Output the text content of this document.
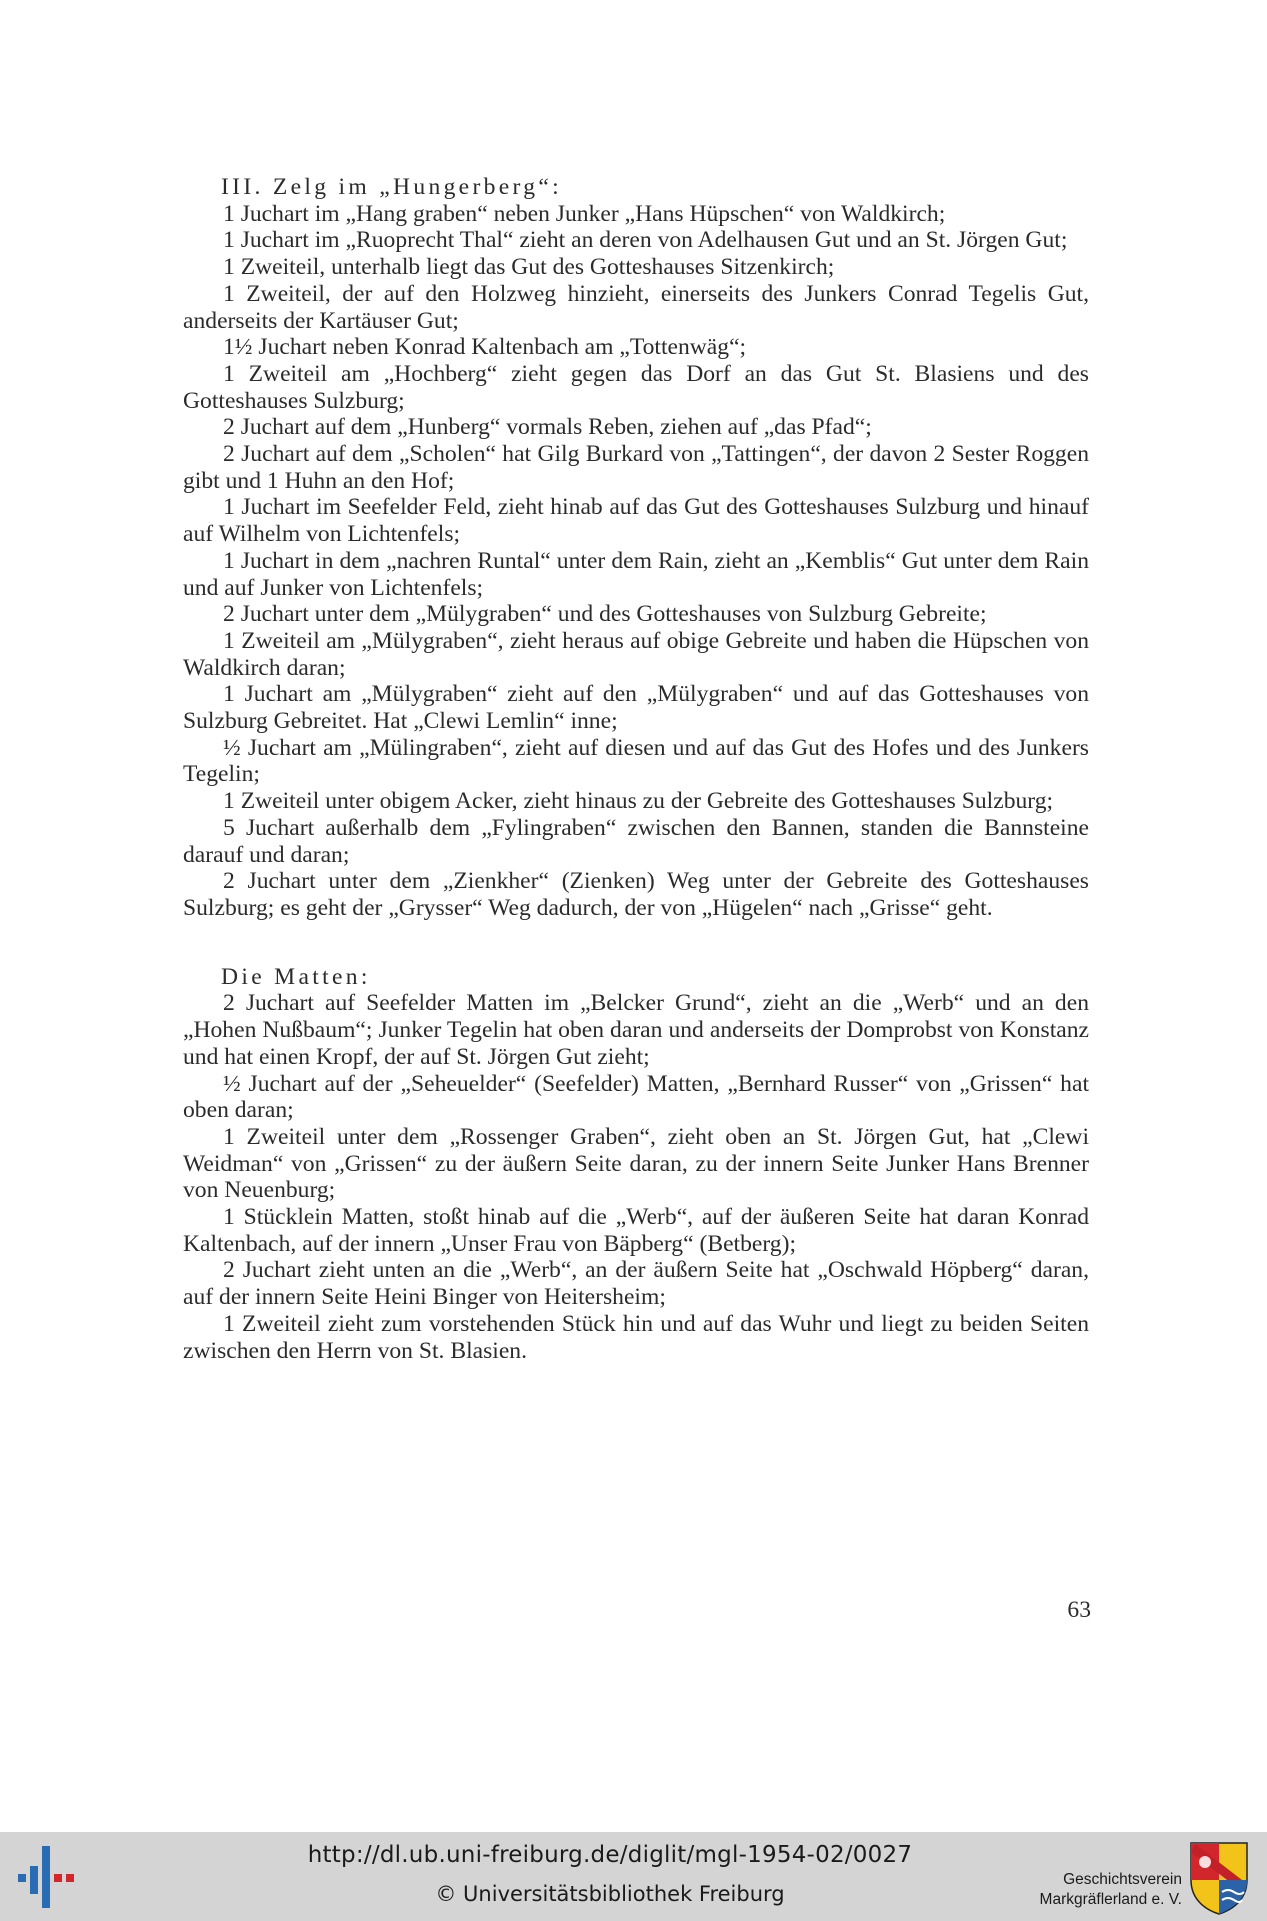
III. Zelg im „Hungerberg“:

1 Juchart im „Hang graben“ neben Junker „Hans Hüpschen“ von Waldkirch;

1 Juchart im „Ruoprecht Thal“ zieht an deren von Adelhausen Gut und an St. Jörgen Gut;

1 Zweiteil, unterhalb liegt das Gut des Gotteshauses Sitzenkirch;

1 Zweiteil, der auf den Holzweg hinzieht, einerseits des Junkers Conrad Tegelis Gut, anderseits der Kartäuser Gut;

1½ Juchart neben Konrad Kaltenbach am „Tottenwäg“;

1 Zweiteil am „Hochberg“ zieht gegen das Dorf an das Gut St. Blasiens und des Gotteshauses Sulzburg;

2 Juchart auf dem „Hunberg“ vormals Reben, ziehen auf „das Pfad“;

2 Juchart auf dem „Scholen“ hat Gilg Burkard von „Tattingen“, der davon 2 Sester Roggen gibt und 1 Huhn an den Hof;

1 Juchart im Seefelder Feld, zieht hinab auf das Gut des Gotteshauses Sulzburg und hinauf auf Wilhelm von Lichtenfels;

1 Juchart in dem „nachren Runtal“ unter dem Rain, zieht an „Kemblis“ Gut unter dem Rain und auf Junker von Lichtenfels;

2 Juchart unter dem „Mülygraben“ und des Gotteshauses von Sulzburg Gebreite;

1 Zweiteil am „Mülygraben“, zieht heraus auf obige Gebreite und haben die Hüpschen von Waldkirch daran;

1 Juchart am „Mülygraben“ zieht auf den „Mülygraben“ und auf das Gotteshauses von Sulzburg Gebreitet. Hat „Clewi Lemlin“ inne;

½ Juchart am „Mülingraben“, zieht auf diesen und auf das Gut des Hofes und des Junkers Tegelin;

1 Zweiteil unter obigem Acker, zieht hinaus zu der Gebreite des Gotteshauses Sulzburg;

5 Juchart außerhalb dem „Fylingraben“ zwischen den Bannen, standen die Bannsteine darauf und daran;

2 Juchart unter dem „Zienkher“ (Zienken) Weg unter der Gebreite des Gotteshauses Sulzburg; es geht der „Grysser“ Weg dadurch, der von „Hügelen“ nach „Grisse“ geht.

Die Matten:

2 Juchart auf Seefelder Matten im „Belcker Grund“, zieht an die „Werb“ und an den „Hohen Nußbaum“; Junker Tegelin hat oben daran und anderseits der Domprobst von Konstanz und hat einen Kropf, der auf St. Jörgen Gut zieht;

½ Juchart auf der „Seheuelder“ (Seefelder) Matten, „Bernhard Russer“ von „Grissen“ hat oben daran;

1 Zweiteil unter dem „Rossenger Graben“, zieht oben an St. Jörgen Gut, hat „Clewi Weidman“ von „Grissen“ zu der äußern Seite daran, zu der innern Seite Junker Hans Brenner von Neuenburg;

1 Stücklein Matten, stoßt hinab auf die „Werb“, auf der äußeren Seite hat daran Konrad Kaltenbach, auf der innern „Unser Frau von Bäpberg“ (Betberg);

2 Juchart zieht unten an die „Werb“, an der äußern Seite hat „Oschwald Höpberg“ daran, auf der innern Seite Heini Binger von Heitersheim;

1 Zweiteil zieht zum vorstehenden Stück hin und auf das Wuhr und liegt zu beiden Seiten zwischen den Herrn von St. Blasien.

63
http://dl.ub.uni-freiburg.de/diglit/mgl-1954-02/0027
© Universitätsbibliothek Freiburg
Geschichtsverein
Markgräflerland e. V.
